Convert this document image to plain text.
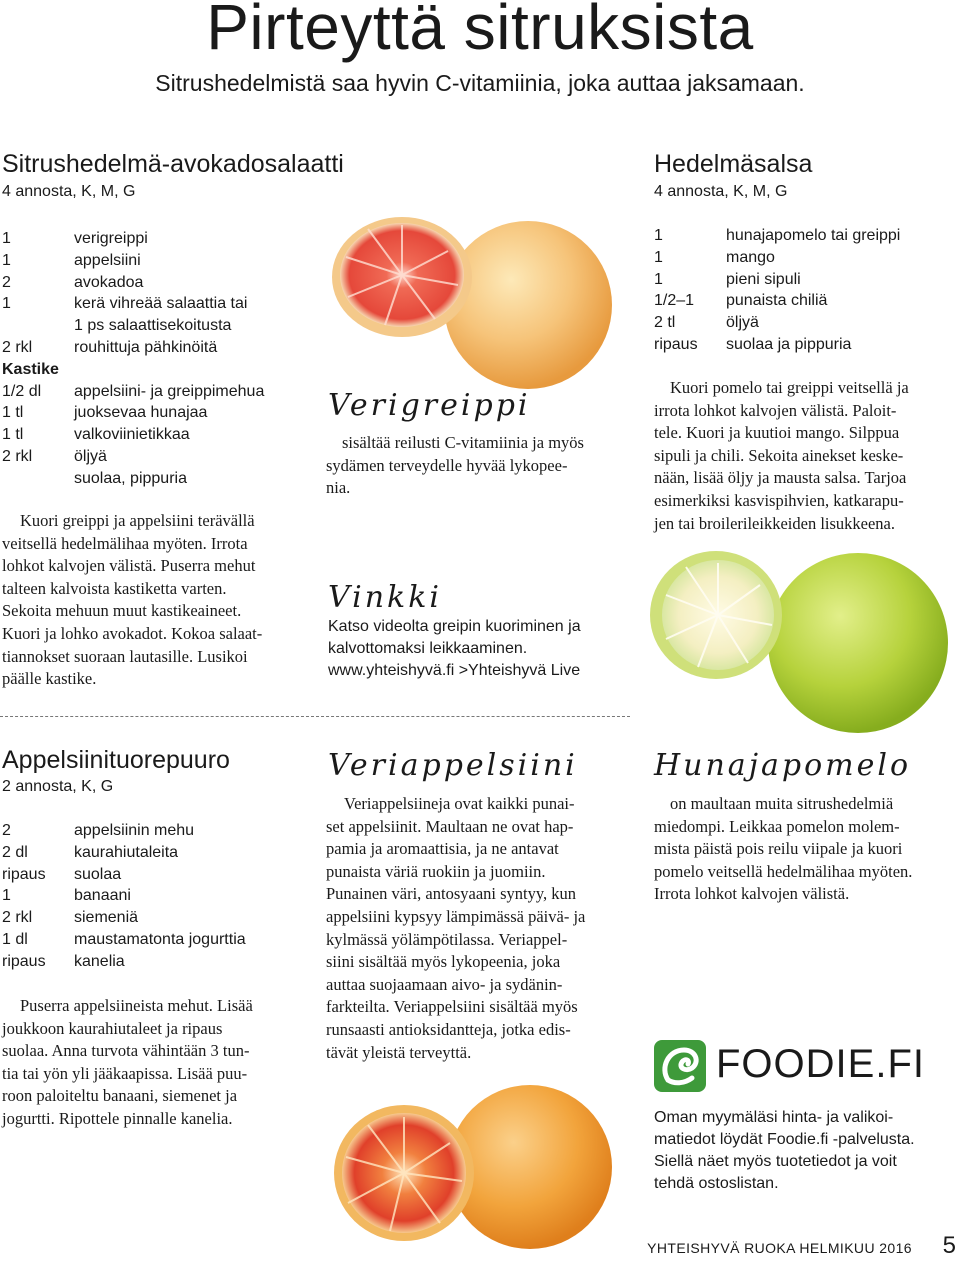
Pirteyttä sitruksista
Sitrushedelmistä saa hyvin C-vitamiinia, joka auttaa jaksamaan.
Sitrushedelmä-avokadosalaatti
4 annosta, K, M, G
1	verigreippi
1	appelsiini
2	avokadoa
1	kerä vihreää salaattia tai
1 ps salaattisekoitusta
2 rkl	rouhittuja pähkinöitä
Kastike
1/2 dl	appelsiini- ja greippimehua
1 tl	juoksevaa hunajaa
1 tl	valkoviinietikkaa
2 rkl	öljyä
suolaa, pippuria
Kuori greippi ja appelsiini terävällä
veitsellä hedelmälihaa myöten. Irrota
lohkot kalvojen välistä. Puserra mehut
talteen kalvoista kastiketta varten.
Sekoita mehuun muut kastikeaineet.
Kuori ja lohko avokadot. Kokoa salaat-
tiannokset suoraan lautasille. Lusikoi
päälle kastike.
Verigreippi
sisältää reilusti C-vitamiinia ja myös
sydämen terveydelle hyvää lykopee-
nia.
Vinkki
Katso videolta greipin kuoriminen ja
kalvottomaksi leikkaaminen.
www.yhteishyvä.fi >Yhteishyvä Live
Hedelmäsalsa
4 annosta, K, M, G
1	hunajapomelo tai greippi
1	mango
1	pieni sipuli
1/2–1	punaista chiliä
2 tl	öljyä
ripaus	suolaa ja pippuria
Kuori pomelo tai greippi veitsellä ja
irrota lohkot kalvojen välistä. Paloit-
tele. Kuori ja kuutioi mango. Silppua
sipuli ja chili. Sekoita ainekset keske-
nään, lisää öljy ja mausta salsa. Tarjoa
esimerkiksi kasvispihvien, katkarapu-
jen tai broilerileikkeiden lisukkeena.
Appelsiinituorepuuro
2 annosta, K, G
2	appelsiinin mehu
2 dl	kaurahiutaleita
ripaus	suolaa
1	banaani
2 rkl	siemeniä
1 dl	maustamatonta jogurttia
ripaus	kanelia
Puserra appelsiineista mehut. Lisää
joukkoon kaurahiutaleet ja ripaus
suolaa. Anna turvota vähintään 3 tun-
tia tai yön yli jääkaapissa. Lisää puu-
roon paloiteltu banaani, siemenet ja
jogurtti. Ripottele pinnalle kanelia.
Veriappelsiini
Veriappelsiineja ovat kaikki punai-
set appelsiinit. Maultaan ne ovat hap-
pamia ja aromaattisia, ja ne antavat
punaista väriä ruokiin ja juomiin.
Punainen väri, antosyaani syntyy, kun
appelsiini kypsyy lämpimässä päivä- ja
kylmässä yölämpötilassa. Veriappel-
siini sisältää myös lykopeenia, joka
auttaa suojaamaan aivo- ja sydänin-
farkteilta. Veriappelsiini sisältää myös
runsaasti antioksidantteja, jotka edis-
tävät yleistä terveyttä.
Hunajapomelo
on maultaan muita sitrushedelmiä
miedompi. Leikkaa pomelon molem-
mista päistä pois reilu viipale ja kuori
pomelo veitsellä hedelmälihaa myöten.
Irrota lohkot kalvojen välistä.
FOODIE.FI
Oman myymäläsi hinta- ja valikoi-
matiedot löydät Foodie.fi -palvelusta.
Siellä näet myös tuotetiedot ja voit
tehdä ostoslistan.
YHTEISHYVÄ RUOKA HELMIKUU 2016 5
